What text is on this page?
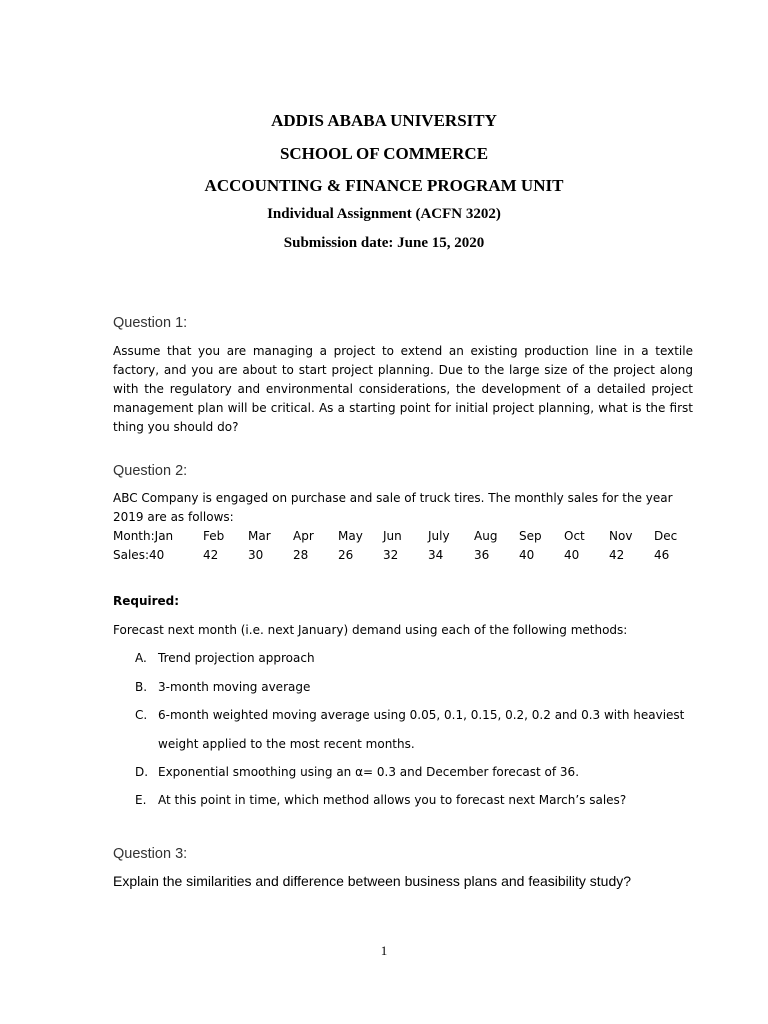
ADDIS ABABA UNIVERSITY
SCHOOL OF COMMERCE
ACCOUNTING & FINANCE PROGRAM UNIT
Individual Assignment (ACFN 3202)
Submission date: June 15, 2020
Question 1:

Assume that you are managing a project to extend an existing production line in a textile factory, and you are about to start project planning. Due to the large size of the project along with the regulatory and environmental considerations, the development of a detailed project management plan will be critical. As a starting point for initial project planning, what is the first thing you should do?

Question 2:
ABC Company is engaged on purchase and sale of truck tires. The monthly sales for the year
2019 are as follows:
Month:Jan Feb Mar Apr May Jun July Aug Sep Oct Nov Dec
Sales:40	42 30 28 26 32 34	36 40 40 42 46
Required:
Forecast next month (i.e. next January) demand using each of the following methods:
A. Trend projection approach
B. 3-month moving average
C. 6-month weighted moving average using 0.05, 0.1, 0.15, 0.2, 0.2 and 0.3 with heaviest
weight applied to the most recent months.
D. Exponential smoothing using an α= 0.3 and December forecast of 36.
E. At this point in time, which method allows you to forecast next March’s sales?
Question 3:
Explain the similarities and difference between business plans and feasibility study?
1
